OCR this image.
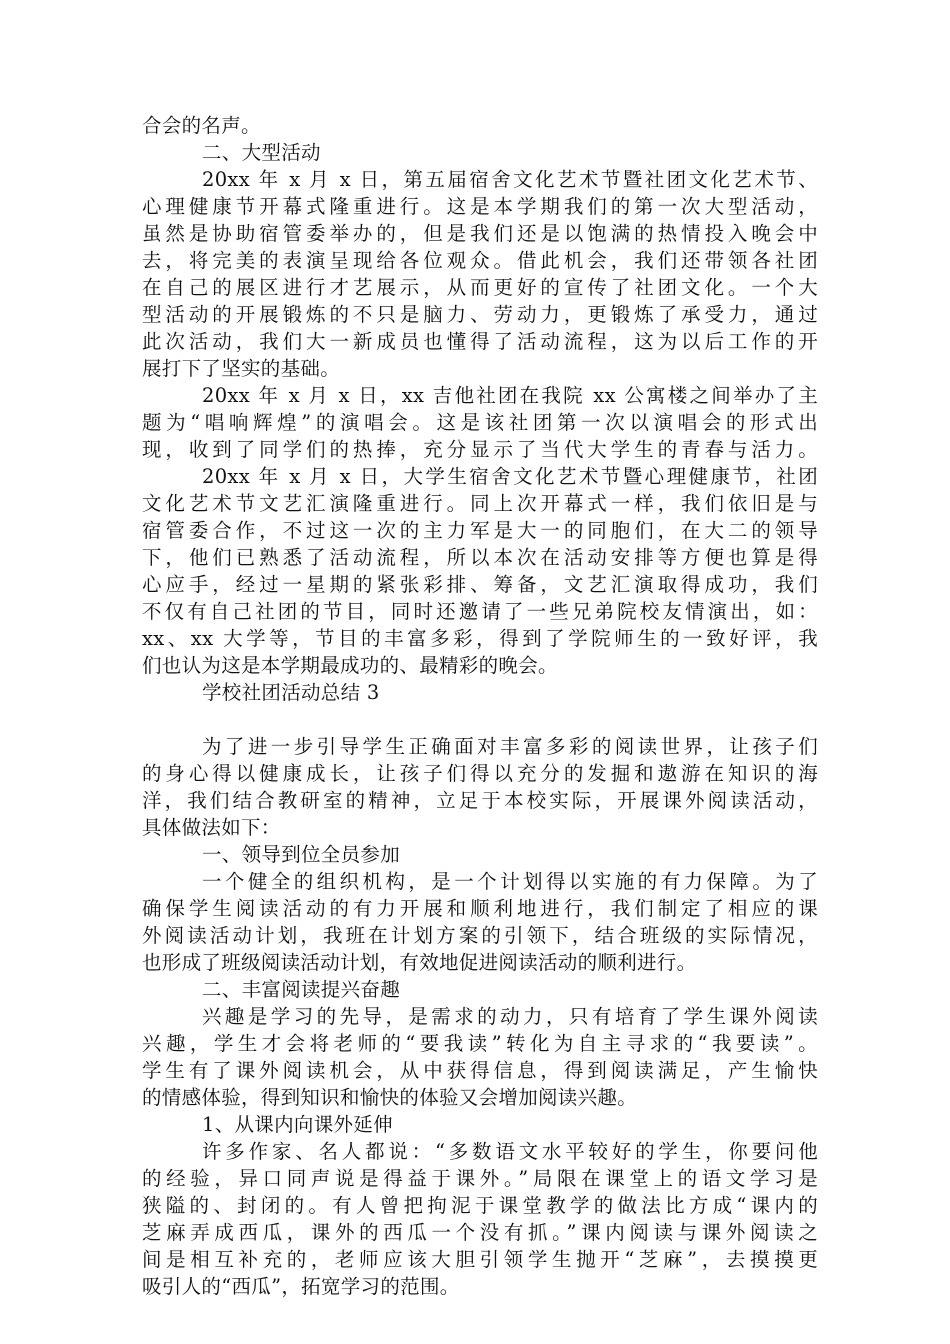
合会的名声。
二、大型活动
20xx 年 x 月 x 日，第五届宿舍文化艺术节暨社团文化艺术节、
心理健康节开幕式隆重进行。这是本学期我们的第一次大型活动，
虽然是协助宿管委举办的，但是我们还是以饱满的热情投入晚会中
去，将完美的表演呈现给各位观众。借此机会，我们还带领各社团
在自己的展区进行才艺展示，从而更好的宣传了社团文化。一个大
型活动的开展锻炼的不只是脑力、劳动力，更锻炼了承受力，通过
此次活动，我们大一新成员也懂得了活动流程，这为以后工作的开
展打下了坚实的基础。
20xx 年 x 月 x 日，xx 吉他社团在我院 xx 公寓楼之间举办了主
题为“唱响辉煌”的演唱会。这是该社团第一次以演唱会的形式出
现，收到了同学们的热捧，充分显示了当代大学生的青春与活力。
20xx 年 x 月 x 日，大学生宿舍文化艺术节暨心理健康节，社团
文化艺术节文艺汇演隆重进行。同上次开幕式一样，我们依旧是与
宿管委合作，不过这一次的主力军是大一的同胞们，在大二的领导
下，他们已熟悉了活动流程，所以本次在活动安排等方便也算是得
心应手，经过一星期的紧张彩排、筹备，文艺汇演取得成功，我们
不仅有自己社团的节目，同时还邀请了一些兄弟院校友情演出，如：
xx、xx 大学等，节目的丰富多彩，得到了学院师生的一致好评，我
们也认为这是本学期最成功的、最精彩的晚会。
学校社团活动总结 3
为了进一步引导学生正确面对丰富多彩的阅读世界，让孩子们
的身心得以健康成长，让孩子们得以充分的发掘和遨游在知识的海
洋，我们结合教研室的精神，立足于本校实际，开展课外阅读活动，
具体做法如下：
一、领导到位全员参加
一个健全的组织机构，是一个计划得以实施的有力保障。为了
确保学生阅读活动的有力开展和顺利地进行，我们制定了相应的课
外阅读活动计划，我班在计划方案的引领下，结合班级的实际情况，
也形成了班级阅读活动计划，有效地促进阅读活动的顺利进行。
二、丰富阅读提兴奋趣
兴趣是学习的先导，是需求的动力，只有培育了学生课外阅读
兴趣，学生才会将老师的“要我读”转化为自主寻求的“我要读”。
学生有了课外阅读机会，从中获得信息，得到阅读满足，产生愉快
的情感体验，得到知识和愉快的体验又会增加阅读兴趣。
1、从课内向课外延伸
许多作家、名人都说：“多数语文水平较好的学生，你要问他
的经验，异口同声说是得益于课外。”局限在课堂上的语文学习是
狭隘的、封闭的。有人曾把拘泥于课堂教学的做法比方成“课内的
芝麻弄成西瓜，课外的西瓜一个没有抓。”课内阅读与课外阅读之
间是相互补充的，老师应该大胆引领学生抛开“芝麻”，去摸摸更
吸引人的“西瓜”，拓宽学习的范围。
